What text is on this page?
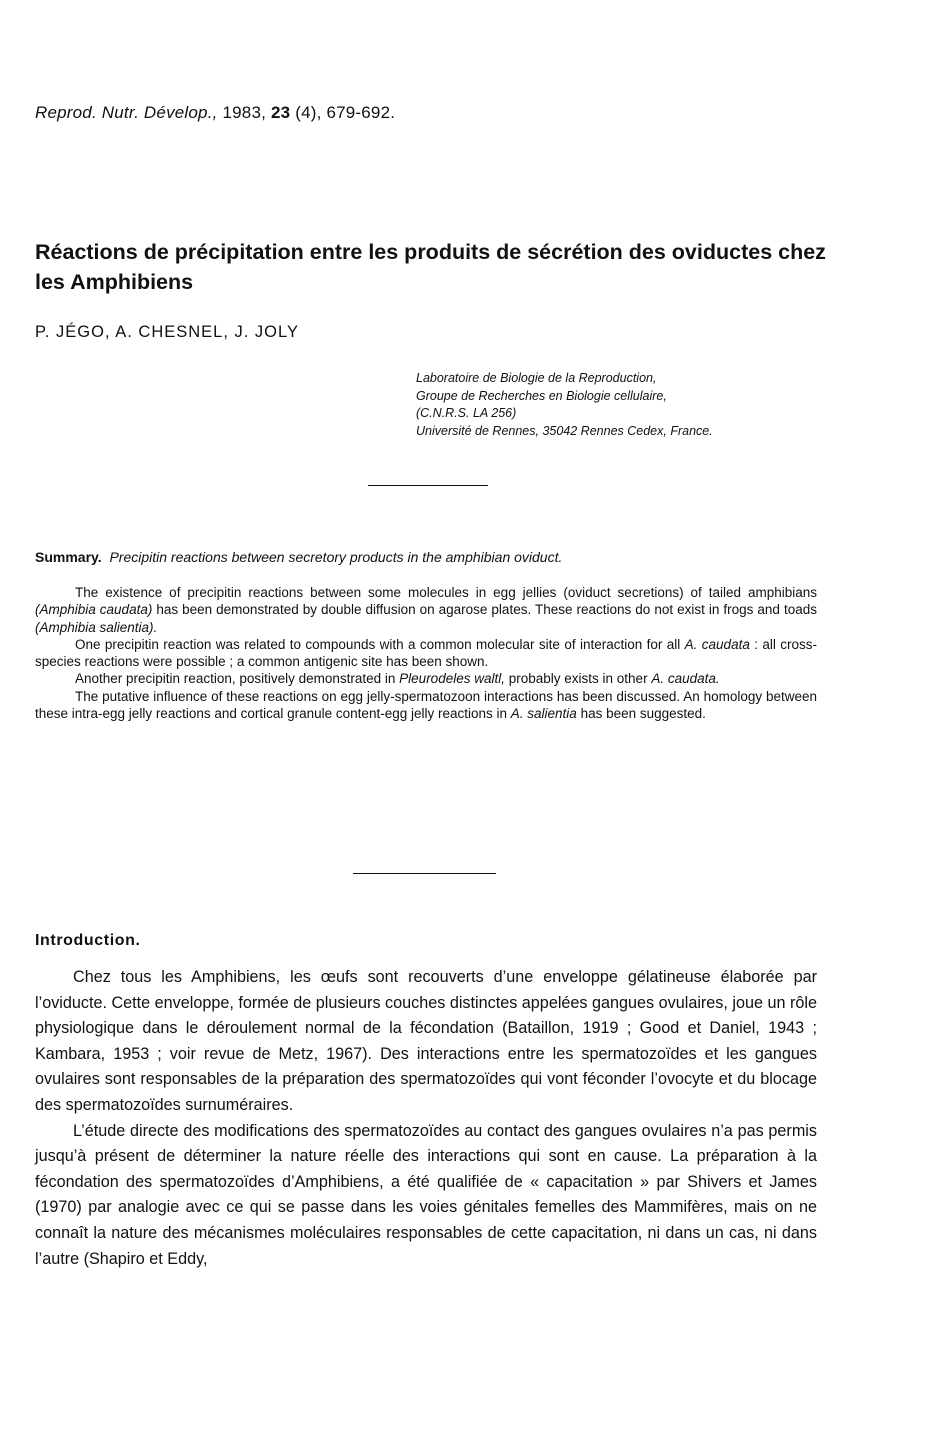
Reprod. Nutr. Dévelop., 1983, 23 (4), 679-692.
Réactions de précipitation entre les produits de sécrétion des oviductes chez les Amphibiens
P. JÉGO, A. CHESNEL, J. JOLY
Laboratoire de Biologie de la Reproduction,
Groupe de Recherches en Biologie cellulaire,
(C.N.R.S. LA 256)
Université de Rennes, 35042 Rennes Cedex, France.
Summary. Precipitin reactions between secretory products in the amphibian oviduct.

The existence of precipitin reactions between some molecules in egg jellies (oviduct secretions) of tailed amphibians (Amphibia caudata) has been demonstrated by double diffusion on agarose plates. These reactions do not exist in frogs and toads (Amphibia salientia).

One precipitin reaction was related to compounds with a common molecular site of interaction for all A. caudata : all cross-species reactions were possible ; a common antigenic site has been shown.

Another precipitin reaction, positively demonstrated in Pleurodeles waltl, probably exists in other A. caudata.

The putative influence of these reactions on egg jelly-spermatozoon interactions has been discussed. An homology between these intra-egg jelly reactions and cortical granule content-egg jelly reactions in A. salientia has been suggested.

Introduction.

Chez tous les Amphibiens, les œufs sont recouverts d’une enveloppe gélatineuse élaborée par l’oviducte. Cette enveloppe, formée de plusieurs couches distinctes appelées gangues ovulaires, joue un rôle physiologique dans le déroulement normal de la fécondation (Bataillon, 1919 ; Good et Daniel, 1943 ; Kambara, 1953 ; voir revue de Metz, 1967). Des interactions entre les spermatozoïdes et les gangues ovulaires sont responsables de la préparation des spermatozoïdes qui vont féconder l’ovocyte et du blocage des spermatozoïdes surnuméraires.

L’étude directe des modifications des spermatozoïdes au contact des gangues ovulaires n’a pas permis jusqu’à présent de déterminer la nature réelle des interactions qui sont en cause. La préparation à la fécondation des spermatozoïdes d’Amphibiens, a été qualifiée de « capacitation » par Shivers et James (1970) par analogie avec ce qui se passe dans les voies génitales femelles des Mammifères, mais on ne connaît la nature des mécanismes moléculaires responsables de cette capacitation, ni dans un cas, ni dans l’autre (Shapiro et Eddy,
